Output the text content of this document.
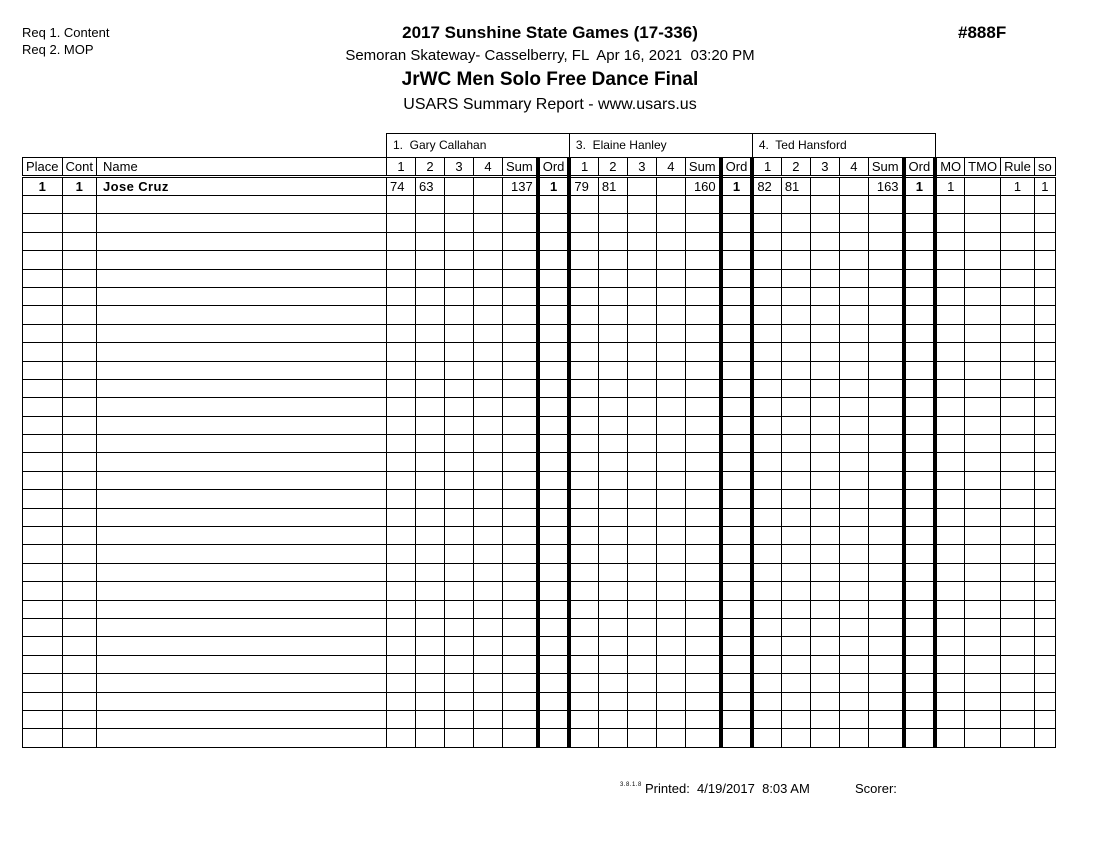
Req 1. Content
Req 2. MOP
#888F
2017 Sunshine State Games (17-336)
Semoran Skateway- Casselberry, FL  Apr 16, 2021  03:20 PM
JrWC Men Solo Free Dance Final
USARS Summary Report - www.usars.us
			1.  Gary Callahan						3.  Elaine Hanley						4.  Ted Hansford									
Place	Cont	Name	1	2	3	4	Sum	Ord	1	2	3	4	Sum	Ord	1	2	3	4	Sum	Ord	MO	TMO	Rule	so
1	1	Jose Cruz	74	63			137	1	79	81			160	1	82	81			163	1	1		1	1

3.8.1.8 Printed:  4/19/2017  8:03 AM	Scorer:
